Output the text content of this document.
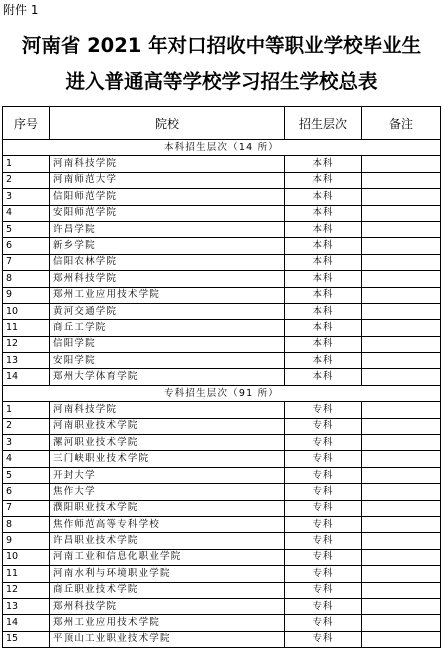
附件 1
河南省 2021 年对口招收中等职业学校毕业生
进入普通高等学校学习招生学校总表
序号	院校	招生层次	备注
本科招生层次（14 所）			
1	河南科技学院	本科	
2	河南师范大学	本科	
3	信阳师范学院	本科	
4	安阳师范学院	本科	
5	许昌学院	本科	
6	新乡学院	本科	
7	信阳农林学院	本科	
8	郑州科技学院	本科	
9	郑州工业应用技术学院	本科	
10	黄河交通学院	本科	
11	商丘工学院	本科	
12	信阳学院	本科	
13	安阳学院	本科	
14	郑州大学体育学院	本科	
专科招生层次（91 所）			
1	河南科技学院	专科	
2	河南职业技术学院	专科	
3	漯河职业技术学院	专科	
4	三门峡职业技术学院	专科	
5	开封大学	专科	
6	焦作大学	专科	
7	濮阳职业技术学院	专科	
8	焦作师范高等专科学校	专科	
9	许昌职业技术学院	专科	
10	河南工业和信息化职业学院	专科	
11	河南水利与环境职业学院	专科	
12	商丘职业技术学院	专科	
13	郑州科技学院	专科	
14	郑州工业应用技术学院	专科	
15	平顶山工业职业技术学院	专科	
